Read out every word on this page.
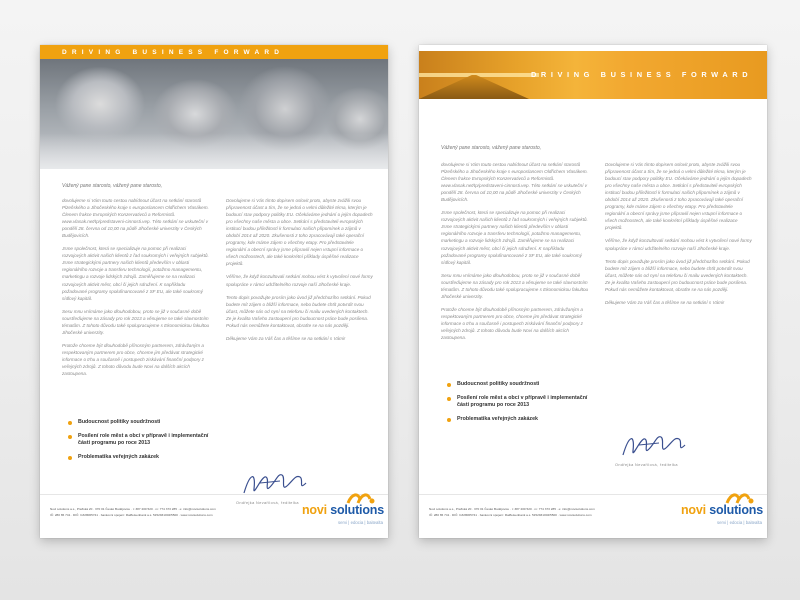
DRIVING BUSINESS FORWARD
Vážený pane starosto, vážený pane starosto,

dovolujeme si Vám touto cestou nabídnout účast na setkání starostů Plzeňského a Jihočeského kraje s europoslancem Oldřichem Vlasákem. Členem frakce Evropských Konzervativců a Reformistů. www.vlasak.net/tp/predstaveni-cinnosti.vep. Této setkání se uskuteční v pondělí 28. června od 10,00 na půdě Jihočeské univerzity v Českých Budějovicích.

Jsme společnost, která se specializuje na pomoc při realizaci rozvojových aktivit našich klientů z řad soukromých i veřejných subjektů. Jsme strategickými partnery našich klientů především v oblasti regionálního rozvoje a transferu technologií, potažmo managementu, marketingu a rozvoje lidských zdrojů. Zaměřujeme se na realizaci rozvojových aktivit měst, obcí či jejich sdružení. K napříkladu požadované programy spolufinancované z SF EU, ale také soukromý sídlový kapitál.

Sesu mnu vnímáme jako dlouhodobou, proto se již v současné době soustřeďujeme na zásady pro rok 2013 a věnujeme se také slavnostním tématům. Z tohoto důvodu také spolupracujeme s Ekonomickou fakultou Jihočeské univerzity.

Protože chceme být dlouhodobě přínosným partnerem, zdrávžaným a respektovaným partnerem pro obce, chceme jim předávat strategické informace o trhu a současně i postupech ziskávání finanční podpory z veřejných zdrojů. Z tohoto důvodu bude Novi na dalších akcích zastoupena.

Dovolujeme si Vás tímto dopisem oslovit proto, abyste zvážili svou připravenost účast a tím, že se jedná o velmi důležité téma, kterým je budoucí stav podpory politiky EU. Očekáváme jednání o jejím dopadech pro všechny naše města a obce. Setkání s představiteli evropských institucí budou příležitostí k formulaci našich připomínek a zájmů v období 2014 až 2020. Zkušenosti z toho zpracovávají také operační programy, kde máme zájem o všechny etapy. Pro představitele regionální a obecní správy jsme připravili nejen vstupní informace o všech možnostech, ale také konkrétní příklady úspěšné realizace projektů.

Věříme, že když konzultovali setkání mohou vést k vytvoření nové formy spolupráce v rámci udržitelného rozvoje naší Jihočeské kraje.

Tento dopis považujte prosím jako úvod již předchozího setkání. Pokud budete mít zájem o bližší informace, nebo budete chtít potvrdit svou účast, můžete nás od nyní na telefonu či mailu uvedených kontaktech. Ze je kvalita Vašeho zastoupení pro budoucnost práce bude posílena. Pokud nás nemůžete kontaktovat, obraťte se na nás později.

Děkujeme Vám za Váš čas a těšíme se na setkání s Vámi!

Budoucnost politiky soudržnosti
Posílení role měst a obcí v přípravě i implementační části programu po roce 2013
Problematika veřejných zakázek
Ondřejka Nevařilová, ředitelka
Novi solutions a.s., Pražská 20 · 370 01 České Budějovice · t: 387 200 520 · m: 774 373 285 · e: info@novisolutions.com
IČ: 280 65 741 · DIČ: CZ28065741 · bankovní spojení: Raiffeisenbank a.s. 5152931002/5500 · www.novisolutions.com	novi solutions
servi | edocia | baitealta
DRIVING BUSINESS FORWARD
Vážený pane starosto, vážený pane starosto,

dovolujeme si Vám touto cestou nabídnout účast na setkání starostů Plzeňského a Jihočeského kraje s europoslancem Oldřichem Vlasákem. Členem frakce Evropských Konzervativců a Reformistů. www.vlasak.net/tp/predstaveni-cinnosti.vep. Této setkání se uskuteční v pondělí 28. června od 10,00 na půdě Jihočeské univerzity v Českých Budějovicích.

Jsme společnost, která se specializuje na pomoc při realizaci rozvojových aktivit našich klientů z řad soukromých i veřejných subjektů. Jsme strategickými partnery našich klientů především v oblasti regionálního rozvoje a transferu technologií, potažmo managementu, marketingu a rozvoje lidských zdrojů. Zaměřujeme se na realizaci rozvojových aktivit měst, obcí či jejich sdružení. K napříkladu požadované programy spolufinancované z SF EU, ale také soukromý sídlový kapitál.

Sesu mnu vnímáme jako dlouhodobou, proto se již v současné době soustřeďujeme na zásady pro rok 2013 a věnujeme se také slavnostním tématům. Z tohoto důvodu také spolupracujeme s Ekonomickou fakultou Jihočeské univerzity.

Protože chceme být dlouhodobě přínosným partnerem, zdrávžaným a respektovaným partnerem pro obce, chceme jim předávat strategické informace o trhu a současně i postupech ziskávání finanční podpory z veřejných zdrojů. Z tohoto důvodu bude Novi na dalších akcích zastoupena.

Dovolujeme si Vás tímto dopisem oslovit proto, abyste zvážili svou připravenost účast a tím, že se jedná o velmi důležité téma, kterým je budoucí stav podpory politiky EU. Očekáváme jednání o jejím dopadech pro všechny naše města a obce. Setkání s představiteli evropských institucí budou příležitostí k formulaci našich připomínek a zájmů v období 2014 až 2020. Zkušenosti z toho zpracovávají také operační programy, kde máme zájem o všechny etapy. Pro představitele regionální a obecní správy jsme připravili nejen vstupní informace o všech možnostech, ale také konkrétní příklady úspěšné realizace projektů.

Věříme, že když konzultovali setkání mohou vést k vytvoření nové formy spolupráce v rámci udržitelného rozvoje naší Jihočeské kraje.

Tento dopis považujte prosím jako úvod již předchozího setkání. Pokud budete mít zájem o bližší informace, nebo budete chtít potvrdit svou účast, můžete nás od nyní na telefonu či mailu uvedených kontaktech. Ze je kvalita Vašeho zastoupení pro budoucnost práce bude posílena. Pokud nás nemůžete kontaktovat, obraťte se na nás později.

Děkujeme Vám za Váš čas a těšíme se na setkání s Vámi!

Budoucnost politiky soudržnosti
Posílení role měst a obcí v přípravě i implementační části programu po roce 2013
Problematika veřejných zakázek
Ondřejka Nevařilová, ředitelka
Novi solutions a.s., Pražská 20 · 370 01 České Budějovice · t: 387 200 520 · m: 774 373 285 · e: info@novisolutions.com
IČ: 280 65 741 · DIČ: CZ28065741 · bankovní spojení: Raiffeisenbank a.s. 5152931002/5500 · www.novisolutions.com	novi solutions
servi | edocia | baitealta
